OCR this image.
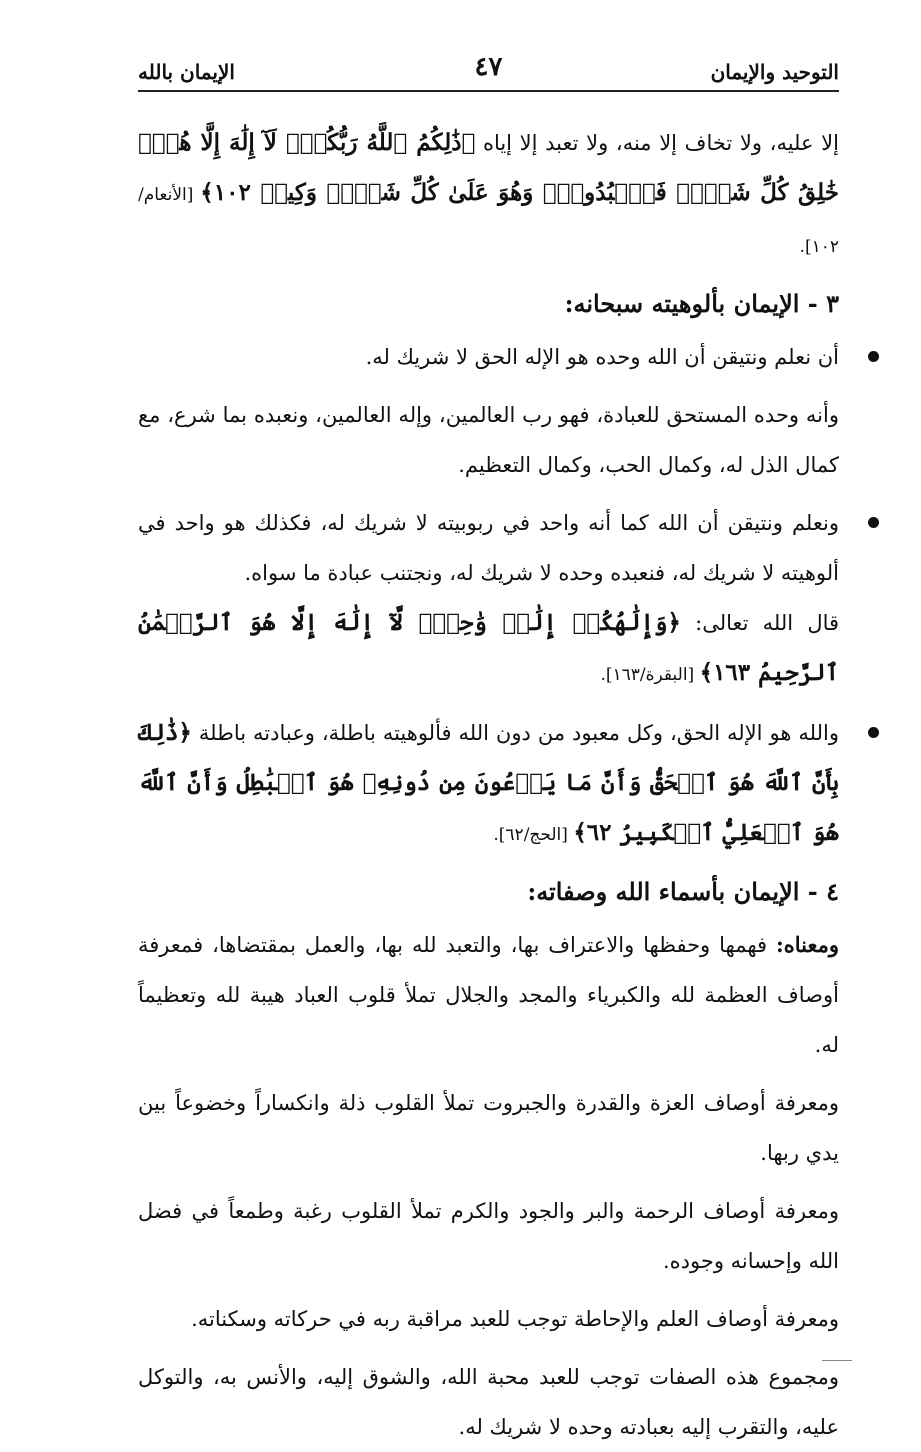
التوحيد والإيمان
٤٧
الإيمان بالله

إلا عليه، ولا تخاف إلا منه، ولا تعبد إلا إياه ﴿ذَٰلِكُمُ ٱللَّهُ رَبُّكُمۡۖ لَآ إِلَٰهَ إِلَّا هُوَۖ خَٰلِقُ كُلِّ شَيۡءٖ فَٱعۡبُدُوهُۚ وَهُوَ عَلَىٰ كُلِّ شَيۡءٖ وَكِيلٞ ١٠٢﴾ [الأنعام/ ١٠٢].

٣ - الإيمان بألوهيته سبحانه:

أن نعلم ونتيقن أن الله وحده هو الإله الحق لا شريك له.

وأنه وحده المستحق للعبادة، فهو رب العالمين، وإله العالمين، ونعبده بما شرع، مع كمال الذل له، وكمال الحب، وكمال التعظيم.

ونعلم ونتيقن أن الله كما أنه واحد في ربوبيته لا شريك له، فكذلك هو واحد في ألوهيته لا شريك له، فنعبده وحده لا شريك له، ونجتنب عبادة ما سواه.

قال الله تعالى: ﴿وَإِلَٰهُكُمۡ إِلَٰهٞ وَٰحِدٞۖ لَّآ إِلَٰهَ إِلَّا هُوَ ٱلرَّحۡمَٰنُ ٱلرَّحِيمُ ١٦٣﴾ [البقرة/١٦٣].

والله هو الإله الحق، وكل معبود من دون الله فألوهيته باطلة، وعبادته باطلة ﴿ذَٰلِكَ بِأَنَّ ٱللَّهَ هُوَ ٱلۡحَقُّ وَأَنَّ مَا يَدۡعُونَ مِن دُونِهِۦ هُوَ ٱلۡبَٰطِلُ وَأَنَّ ٱللَّهَ هُوَ ٱلۡعَلِيُّ ٱلۡكَبِيرُ ٦٢﴾ [الحج/٦٢].

٤ - الإيمان بأسماء الله وصفاته:

ومعناه: فهمها وحفظها والاعتراف بها، والتعبد لله بها، والعمل بمقتضاها، فمعرفة أوصاف العظمة لله والكبرياء والمجد والجلال تملأ قلوب العباد هيبة لله وتعظيماً له.

ومعرفة أوصاف العزة والقدرة والجبروت تملأ القلوب ذلة وانكساراً وخضوعاً بين يدي ربها.

ومعرفة أوصاف الرحمة والبر والجود والكرم تملأ القلوب رغبة وطمعاً في فضل الله وإحسانه وجوده.

ومعرفة أوصاف العلم والإحاطة توجب للعبد مراقبة ربه في حركاته وسكناته.

ومجموع هذه الصفات توجب للعبد محبة الله، والشوق إليه، والأنس به، والتوكل عليه، والتقرب إليه بعبادته وحده لا شريك له.
